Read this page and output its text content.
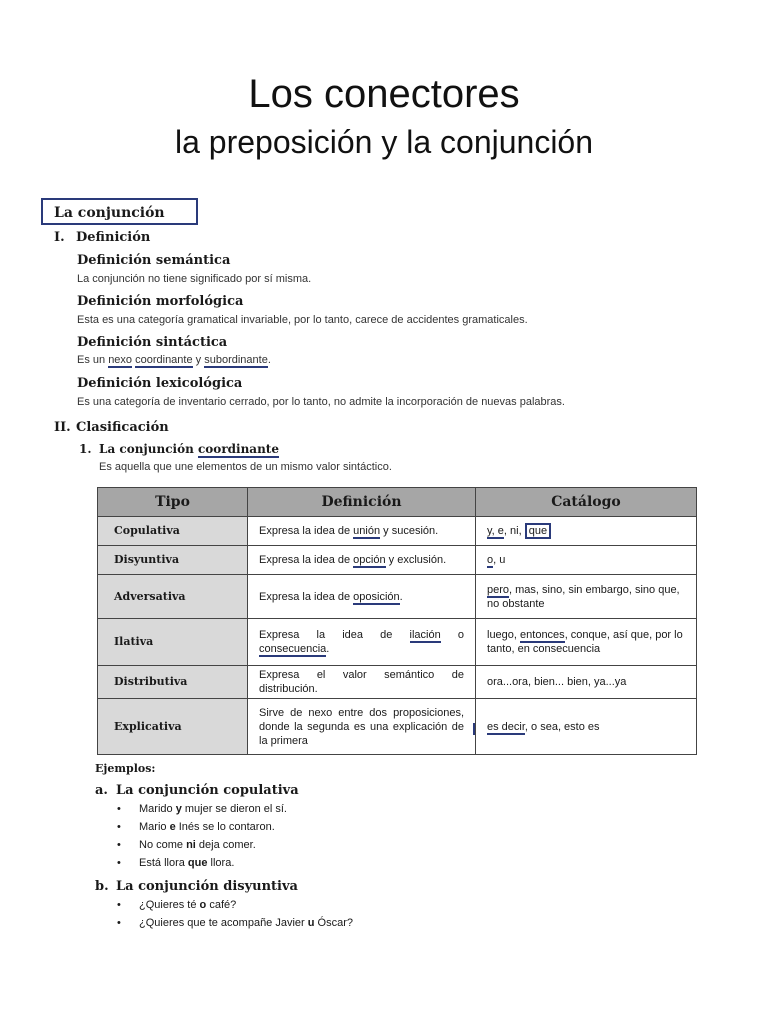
Los conectores
la preposición y la conjunción
La conjunción
I. Definición
Definición semántica
La conjunción no tiene significado por sí misma.
Definición morfológica
Esta es una categoría gramatical invariable, por lo tanto, carece de accidentes gramaticales.
Definición sintáctica
Es un nexo coordinante y subordinante.
Definición lexicológica
Es una categoría de inventario cerrado, por lo tanto, no admite la incorporación de nuevas palabras.
II. Clasificación
1. La conjunción coordinante
Es aquella que une elementos de un mismo valor sintáctico.
Tipo	Definición	Catálogo
Copulativa	Expresa la idea de unión y sucesión.	y, e, ni, que
Disyuntiva	Expresa la idea de opción y exclusión.	o, u
Adversativa	Expresa la idea de oposición.	pero, mas, sino, sin embargo, sino que, no obstante
Ilativa	Expresa la idea de ilación o consecuencia.	luego, entonces, conque, así que, por lo tanto, en consecuencia
Distributiva	Expresa el valor semántico de distribución.	ora...ora, bien... bien, ya...ya
Explicativa	Sirve de nexo entre dos proposiciones, donde la segunda es una explicación de la primera	es decir, o sea, esto es
Ejemplos:
a. La conjunción copulativa
• Marido y mujer se dieron el sí.
• Mario e Inés se lo contaron.
• No come ni deja comer.
• Está llora que llora.
b. La conjunción disyuntiva
• ¿Quieres té o café?
• ¿Quieres que te acompañe Javier u Óscar?
